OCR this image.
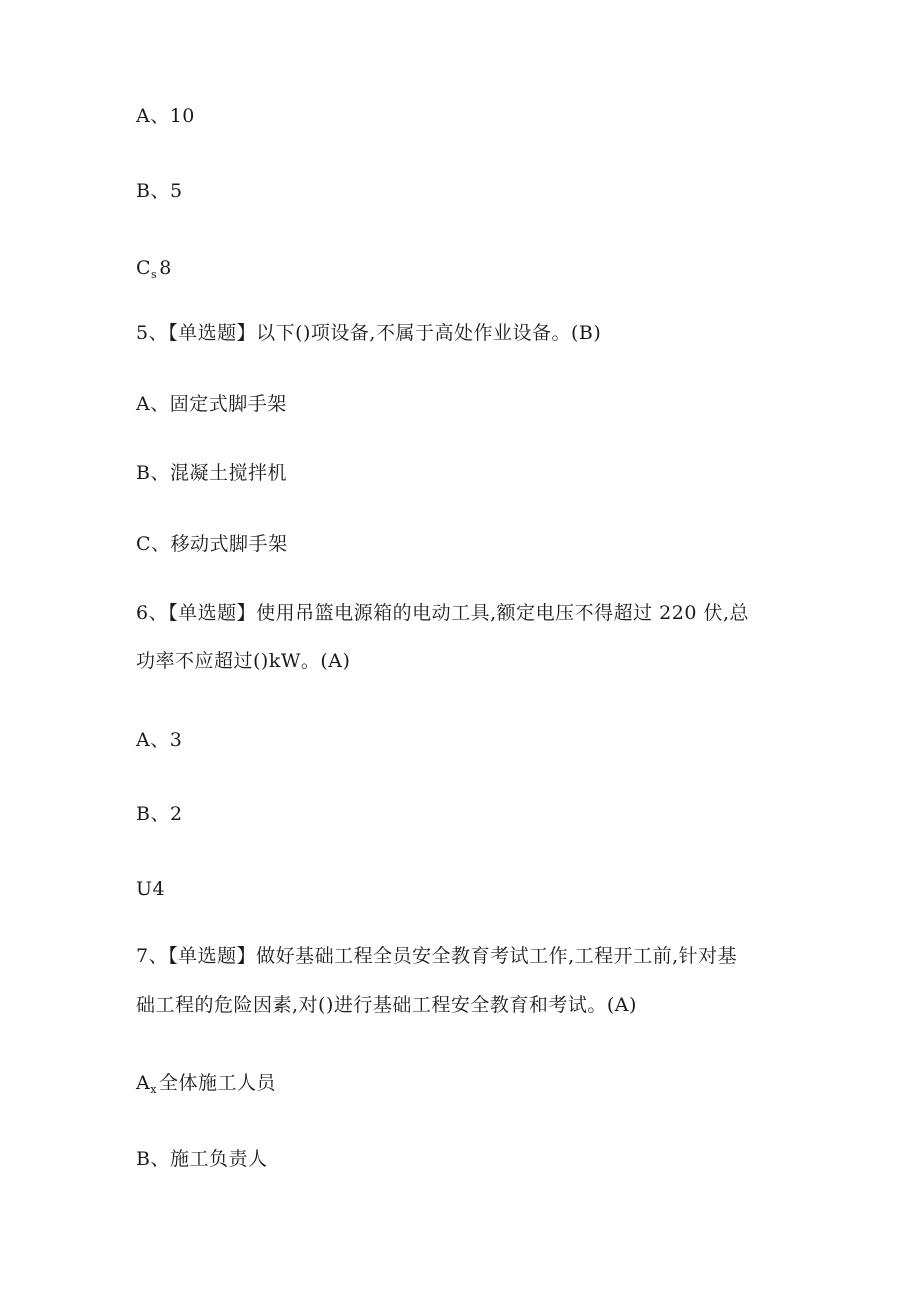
A、10
B、5
$C_s$ 8
5、【单选题】以下()项设备,不属于高处作业设备。(B)
A、固定式脚手架
B、混凝土搅拌机
C、移动式脚手架
6、【单选题】使用吊篮电源箱的电动工具,额定电压不得超过 220 伏,总
功率不应超过()kW。(A)
A、3
B、2
U4
7、【单选题】做好基础工程全员安全教育考试工作,工程开工前,针对基
础工程的危险因素,对()进行基础工程安全教育和考试。(A)
$A_x$ 全体施工人员
B、施工负责人
